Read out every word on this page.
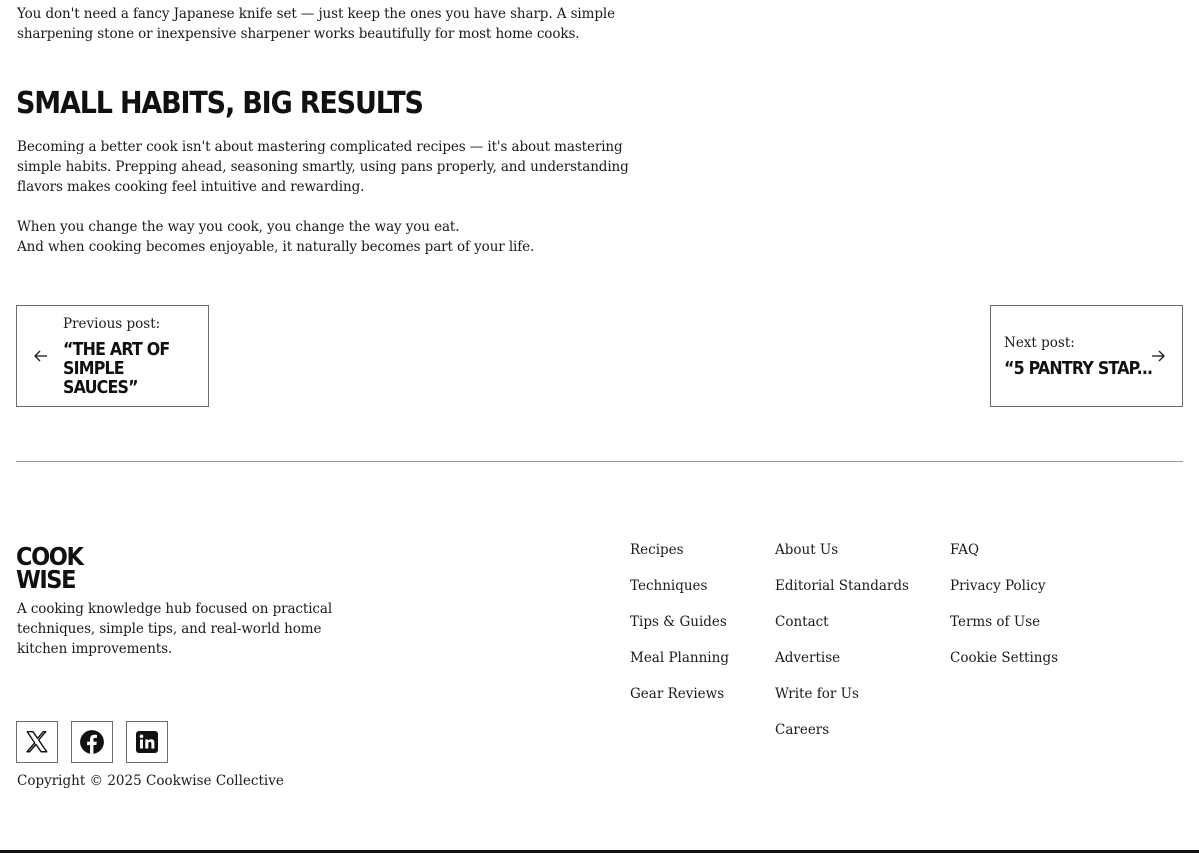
You don't need a fancy Japanese knife set — just keep the ones you have sharp. A simple
sharpening stone or inexpensive sharpener works beautifully for most home cooks.

SMALL HABITS, BIG RESULTS

Becoming a better cook isn't about mastering complicated recipes — it's about mastering
simple habits. Prepping ahead, seasoning smartly, using pans properly, and understanding
flavors makes cooking feel intuitive and rewarding.

When you change the way you cook, you change the way you eat.
And when cooking becomes enjoyable, it naturally becomes part of your life.

Previous post:
“THE ART OF SIMPLE SAUCES”
Next post:
“5 PANTRY STAP...
COOK
WISE

A cooking knowledge hub focused on practical
techniques, simple tips, and real-world home
kitchen improvements.

Copyright © 2025 Cookwise Collective

Recipes
Techniques
Tips & Guides
Meal Planning
Gear Reviews
About Us
Editorial Standards
Contact
Advertise
Write for Us
Careers
FAQ
Privacy Policy
Terms of Use
Cookie Settings
